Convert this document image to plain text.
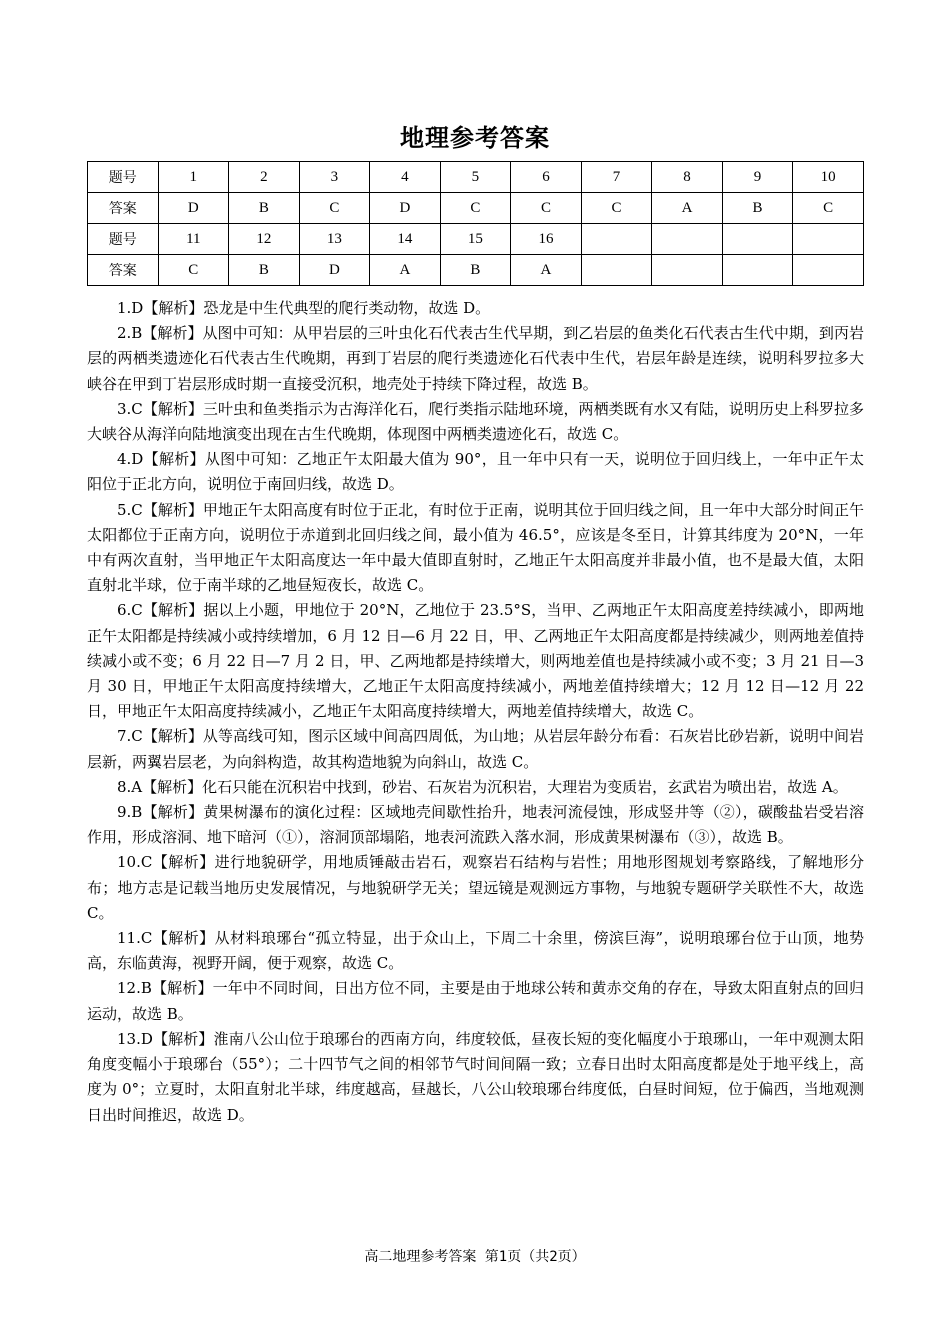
地理参考答案
题号	1	2	3	4	5	6	7	8	9	10
答案	D	B	C	D	C	C	C	A	B	C
题号	11	12	13	14	15	16				
答案	C	B	D	A	B	A				

1.D【解析】恐龙是中生代典型的爬行类动物，故选 D。

2.B【解析】从图中可知：从甲岩层的三叶虫化石代表古生代早期，到乙岩层的鱼类化石代表古生代中期，到丙岩层的两栖类遗迹化石代表古生代晚期，再到丁岩层的爬行类遗迹化石代表中生代，岩层年龄是连续，说明科罗拉多大峡谷在甲到丁岩层形成时期一直接受沉积，地壳处于持续下降过程，故选 B。

3.C【解析】三叶虫和鱼类指示为古海洋化石，爬行类指示陆地环境，两栖类既有水又有陆，说明历史上科罗拉多大峡谷从海洋向陆地演变出现在古生代晚期，体现图中两栖类遗迹化石，故选 C。

4.D【解析】从图中可知：乙地正午太阳最大值为 90°，且一年中只有一天，说明位于回归线上，一年中正午太阳位于正北方向，说明位于南回归线，故选 D。

5.C【解析】甲地正午太阳高度有时位于正北，有时位于正南，说明其位于回归线之间，且一年中大部分时间正午太阳都位于正南方向，说明位于赤道到北回归线之间，最小值为 46.5°，应该是冬至日，计算其纬度为 20°N，一年中有两次直射，当甲地正午太阳高度达一年中最大值即直射时，乙地正午太阳高度并非最小值，也不是最大值，太阳直射北半球，位于南半球的乙地昼短夜长，故选 C。

6.C【解析】据以上小题，甲地位于 20°N，乙地位于 23.5°S，当甲、乙两地正午太阳高度差持续减小，即两地正午太阳都是持续减小或持续增加，6 月 12 日—6 月 22 日，甲、乙两地正午太阳高度都是持续减少，则两地差值持续减小或不变；6 月 22 日—7 月 2 日，甲、乙两地都是持续增大，则两地差值也是持续减小或不变；3 月 21 日—3 月 30 日，甲地正午太阳高度持续增大，乙地正午太阳高度持续减小，两地差值持续增大；12 月 12 日—12 月 22 日，甲地正午太阳高度持续减小，乙地正午太阳高度持续增大，两地差值持续增大，故选 C。

7.C【解析】从等高线可知，图示区域中间高四周低，为山地；从岩层年龄分布看：石灰岩比砂岩新，说明中间岩层新，两翼岩层老，为向斜构造，故其构造地貌为向斜山，故选 C。

8.A【解析】化石只能在沉积岩中找到，砂岩、石灰岩为沉积岩，大理岩为变质岩，玄武岩为喷出岩，故选 A。

9.B【解析】黄果树瀑布的演化过程：区域地壳间歇性抬升，地表河流侵蚀，形成竖井等（②），碳酸盐岩受岩溶作用，形成溶洞、地下暗河（①），溶洞顶部塌陷，地表河流跌入落水洞，形成黄果树瀑布（③），故选 B。

10.C【解析】进行地貌研学，用地质锤敲击岩石，观察岩石结构与岩性；用地形图规划考察路线，了解地形分布；地方志是记载当地历史发展情况，与地貌研学无关；望远镜是观测远方事物，与地貌专题研学关联性不大，故选 C。

11.C【解析】从材料琅琊台“孤立特显，出于众山上，下周二十余里，傍滨巨海”，说明琅琊台位于山顶，地势高，东临黄海，视野开阔，便于观察，故选 C。

12.B【解析】一年中不同时间，日出方位不同，主要是由于地球公转和黄赤交角的存在，导致太阳直射点的回归运动，故选 B。

13.D【解析】淮南八公山位于琅琊台的西南方向，纬度较低，昼夜长短的变化幅度小于琅琊山，一年中观测太阳角度变幅小于琅琊台（55°）；二十四节气之间的相邻节气时间间隔一致；立春日出时太阳高度都是处于地平线上，高度为 0°；立夏时，太阳直射北半球，纬度越高，昼越长，八公山较琅琊台纬度低，白昼时间短，位于偏西，当地观测日出时间推迟，故选 D。

高二地理参考答案 第1页（共2页）
